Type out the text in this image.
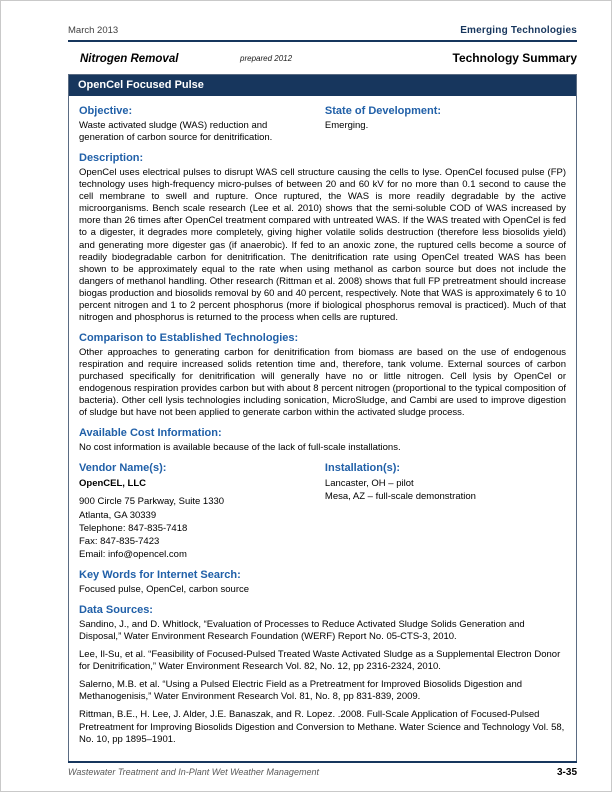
March 2013	Emerging Technologies
Nitrogen Removal	prepared 2012	Technology Summary
OpenCel Focused Pulse
Objective:

Waste activated sludge (WAS) reduction and generation of carbon source for denitrification.

State of Development:

Emerging.

Description:

OpenCel uses electrical pulses to disrupt WAS cell structure causing the cells to lyse. OpenCel focused pulse (FP) technology uses high-frequency micro-pulses of between 20 and 60 kV for no more than 0.1 second to cause the cell membrane to swell and rupture. Once ruptured, the WAS is more readily degradable by the active microorganisms. Bench scale research (Lee et al. 2010) shows that the semi-soluble COD of WAS increased by more than 26 times after OpenCel treatment compared with untreated WAS. If the WAS treated with OpenCel is fed to a digester, it degrades more completely, giving higher volatile solids destruction (therefore less biosolids yield) and generating more digester gas (if anaerobic). If fed to an anoxic zone, the ruptured cells become a source of readily biodegradable carbon for denitrification. The denitrification rate using OpenCel treated WAS has been shown to be approximately equal to the rate when using methanol as carbon source but does not include the dangers of methanol handling. Other research (Rittman et al. 2008) shows that full FP pretreatment should increase biogas production and biosolids removal by 60 and 40 percent, respectively. Note that WAS is approximately 6 to 10 percent nitrogen and 1 to 2 percent phosphorus (more if biological phosphorus removal is practiced). Much of that nitrogen and phosphorus is returned to the process when cells are ruptured.

Comparison to Established Technologies:

Other approaches to generating carbon for denitrification from biomass are based on the use of endogenous respiration and require increased solids retention time and, therefore, tank volume. External sources of carbon purchased specifically for denitrification will generally have no or little nitrogen. Cell lysis by OpenCel or endogenous respiration provides carbon but with about 8 percent nitrogen (proportional to the typical composition of bacteria). Other cell lysis technologies including sonication, MicroSludge, and Cambi are used to improve digestion of sludge but have not been applied to generate carbon within the activated sludge process.

Available Cost Information:

No cost information is available because of the lack of full-scale installations.

Vendor Name(s):

OpenCEL, LLC

900 Circle 75 Parkway, Suite 1330

Atlanta, GA 30339

Telephone: 847-835-7418

Fax: 847-835-7423

Email: info@opencel.com

Installation(s):

Lancaster, OH – pilot

Mesa, AZ – full-scale demonstration

Key Words for Internet Search:

Focused pulse, OpenCel, carbon source

Data Sources:

Sandino, J., and D. Whitlock, “Evaluation of Processes to Reduce Activated Sludge Solids Generation and Disposal,” Water Environment Research Foundation (WERF) Report No. 05-CTS-3, 2010.

Lee, Il-Su, et al. “Feasibility of Focused-Pulsed Treated Waste Activated Sludge as a Supplemental Electron Donor for Denitrification,” Water Environment Research Vol. 82, No. 12, pp 2316-2324, 2010.

Salerno, M.B. et al. “Using a Pulsed Electric Field as a Pretreatment for Improved Biosolids Digestion and Methanogenisis,” Water Environment Research Vol. 81, No. 8, pp 831-839, 2009.

Rittman, B.E., H. Lee, J. Alder, J.E. Banaszak, and R. Lopez. .2008. Full-Scale Application of Focused-Pulsed Pretreatment for Improving Biosolids Digestion and Conversion to Methane. Water Science and Technology Vol. 58, No. 10, pp 1895–1901.

Wastewater Treatment and In-Plant Wet Weather Management	3-35
